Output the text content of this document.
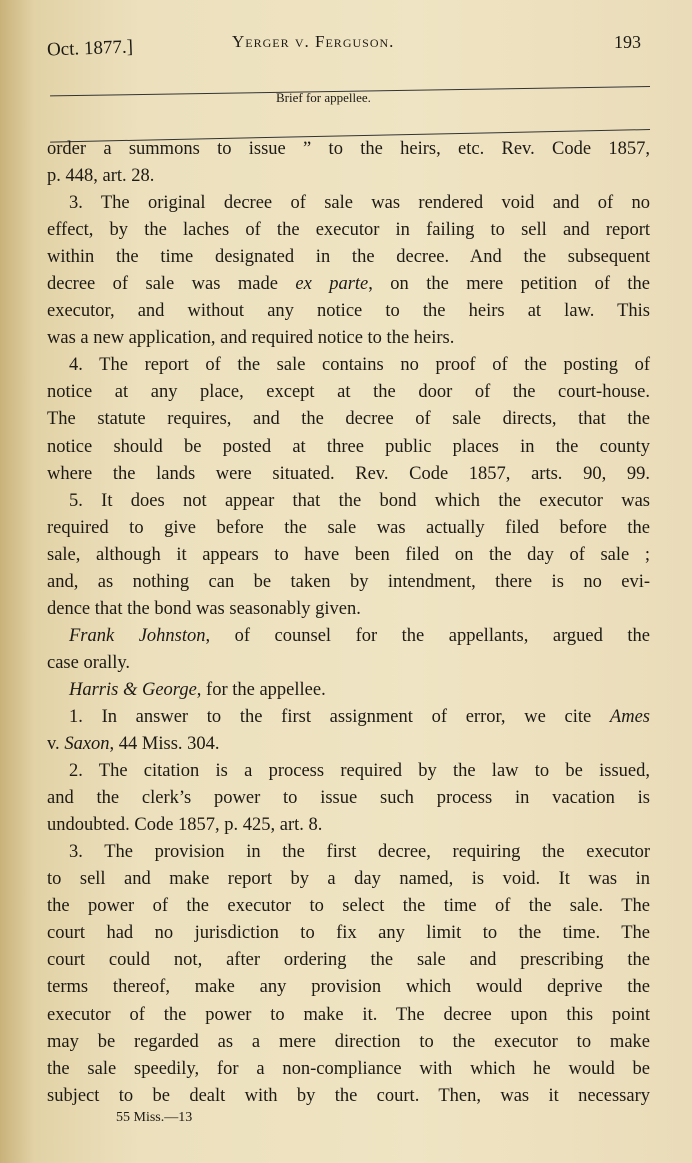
Oct. 1877.]	Yerger v. Ferguson.	193
Brief for appellee.
order a summons to issue ” to the heirs, etc. Rev. Code 1857,
p. 448, art. 28.
3. The original decree of sale was rendered void and of no
effect, by the laches of the executor in failing to sell and report
within the time designated in the decree. And the subsequent
decree of sale was made ex parte, on the mere petition of the
executor, and without any notice to the heirs at law. This
was a new application, and required notice to the heirs.
4. The report of the sale contains no proof of the posting of
notice at any place, except at the door of the court-house.
The statute requires, and the decree of sale directs, that the
notice should be posted at three public places in the county
where the lands were situated. Rev. Code 1857, arts. 90, 99.
5. It does not appear that the bond which the executor was
required to give before the sale was actually filed before the
sale, although it appears to have been filed on the day of sale ;
and, as nothing can be taken by intendment, there is no evi-
dence that the bond was seasonably given.
Frank Johnston, of counsel for the appellants, argued the
case orally.
Harris & George, for the appellee.
1. In answer to the first assignment of error, we cite Ames
v. Saxon, 44 Miss. 304.
2. The citation is a process required by the law to be issued,
and the clerk’s power to issue such process in vacation is
undoubted. Code 1857, p. 425, art. 8.
3. The provision in the first decree, requiring the executor
to sell and make report by a day named, is void. It was in
the power of the executor to select the time of the sale. The
court had no jurisdiction to fix any limit to the time. The
court could not, after ordering the sale and prescribing the
terms thereof, make any provision which would deprive the
executor of the power to make it. The decree upon this point
may be regarded as a mere direction to the executor to make
the sale speedily, for a non-compliance with which he would be
subject to be dealt with by the court. Then, was it necessary
55 Miss.—13
